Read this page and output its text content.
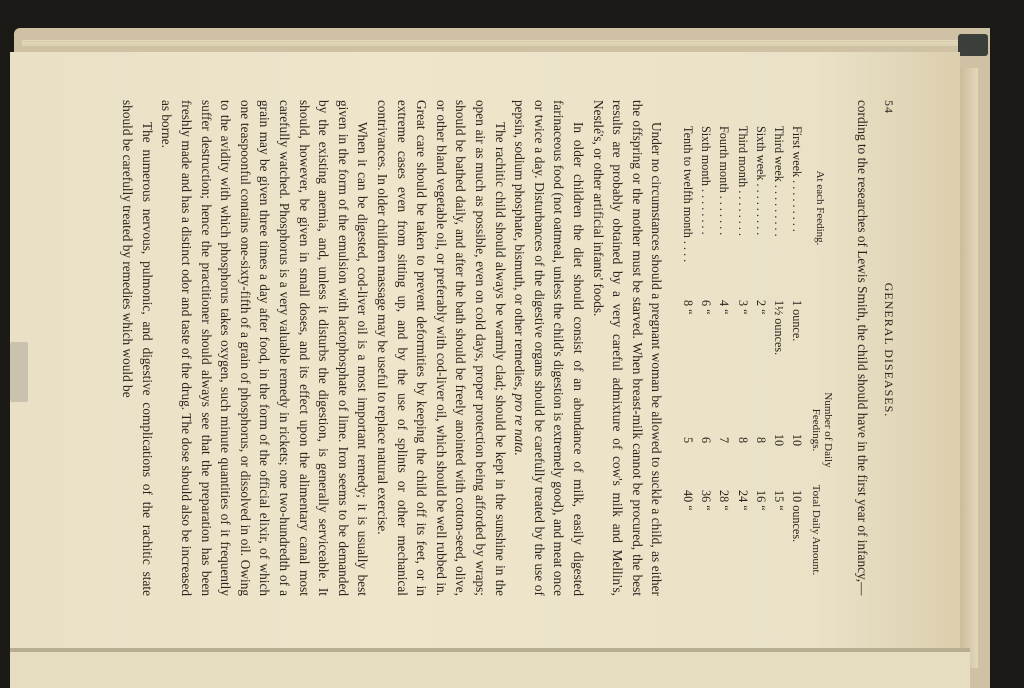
54
GENERAL DISEASES.

cording to the researches of Lewis Smith, the child should have in the first year of infancy,—

At each Feeding.
Number of Daily Feedings.
Total Daily Amount.
First week . . . . . . . . .
1 ounce.
10
10 ounces.
Third week . . . . . . . . .
1½ ounces.
10
15 “
Sixth week . . . . . . . . .
2 “
8
16 “
Third month . . . . . . . .
3 “
8
24 “
Fourth month . . . . . . .
4 “
7
28 “
Sixth month . . . . . . . .
6 “
6
36 “
Tenth to twelfth month . . . .
8 “
5
40 “

Under no circumstances should a pregnant woman be allowed to suckle a child, as either the offspring or the mother must be starved. When breast-milk cannot be procured, the best results are probably obtained by a very careful admixture of cow's milk and Mellin's, Nestlé's, or other artificial infants' foods.

In older children the diet should consist of an abundance of milk, easily digested farinaceous food (not oatmeal, unless the child's digestion is extremely good), and meat once or twice a day. Disturbances of the digestive organs should be carefully treated by the use of pepsin, sodium phosphate, bismuth, or other remedies, pro re nata.

The rachitic child should always be warmly clad; should be kept in the sunshine in the open air as much as possible, even on cold days, proper protection being afforded by wraps; should be bathed daily, and after the bath should be freely anointed with cotton-seed, olive, or other bland vegetable oil, or preferably with cod-liver oil, which should be well rubbed in. Great care should be taken to prevent deformities by keeping the child off its feet, or in extreme cases even from sitting up, and by the use of splints or other mechanical contrivances. In older children massage may be useful to replace natural exercise.

When it can be digested, cod-liver oil is a most important remedy; it is usually best given in the form of the emulsion with lactophosphate of lime. Iron seems to be demanded by the existing anemia, and, unless it disturbs the digestion, is generally serviceable. It should, however, be given in small doses, and its effect upon the alimentary canal most carefully watched. Phosphorus is a very valuable remedy in rickets; one two-hundredth of a grain may be given three times a day after food, in the form of the official elixir, of which one teaspoonful contains one-sixty-fifth of a grain of phosphorus, or dissolved in oil. Owing to the avidity with which phosphorus takes oxygen, such minute quantities of it frequently suffer destruction; hence the practitioner should always see that the preparation has been freshly made and has a distinct odor and taste of the drug. The dose should also be increased as borne.

The numerous nervous, pulmonic, and digestive complications of the rachitic state should be carefully treated by remedies which would be
